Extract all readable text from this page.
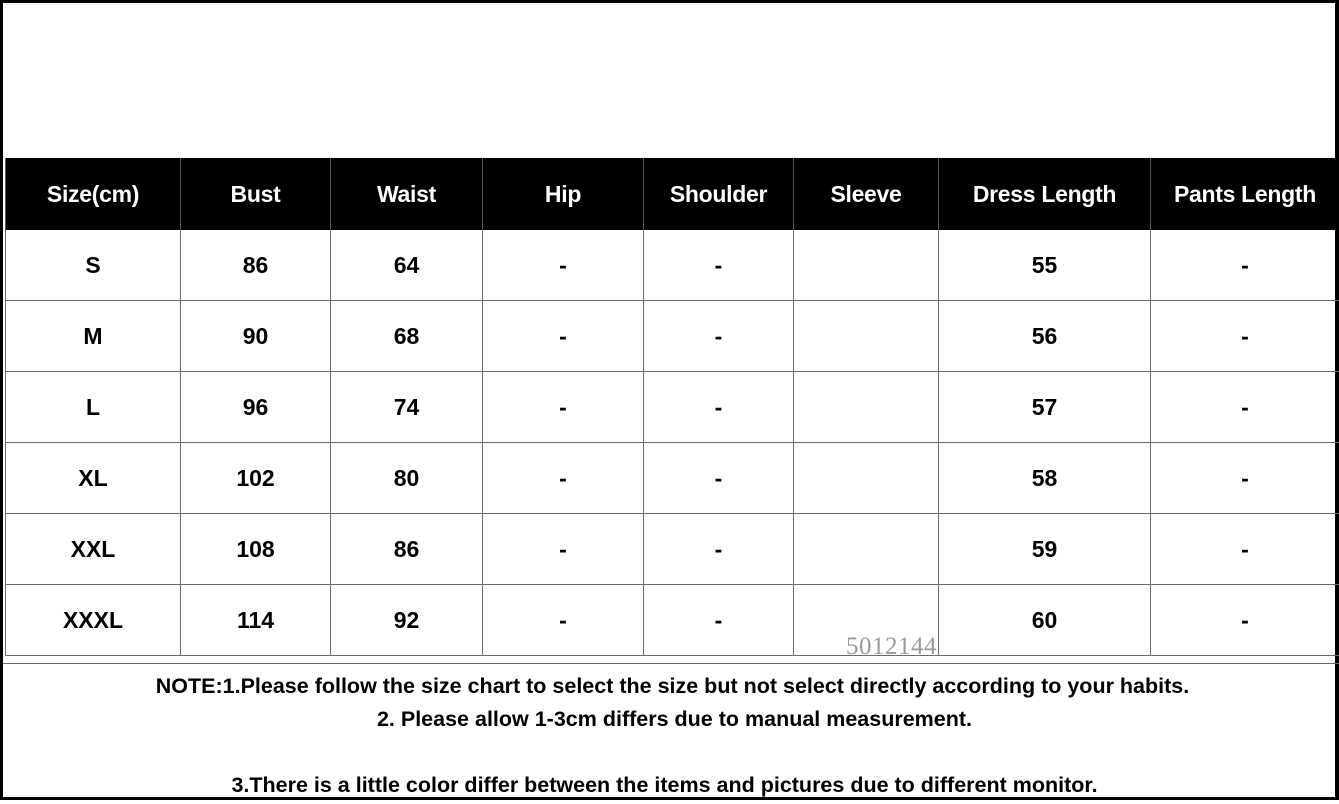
Size(cm)	Bust	Waist	Hip	Shoulder	Sleeve	Dress Length	Pants Length
S	86	64	-	-		55	-
M	90	68	-	-		56	-
L	96	74	-	-		57	-
XL	102	80	-	-		58	-
XXL	108	86	-	-		59	-
XXXL	114	92	-	-		60	-
5012144
NOTE:1.Please follow the size chart to select the size but not select directly according to your habits.
2. Please allow 1-3cm differs due to manual measurement.
3.There is a little color differ between the items and pictures due to different monitor.
